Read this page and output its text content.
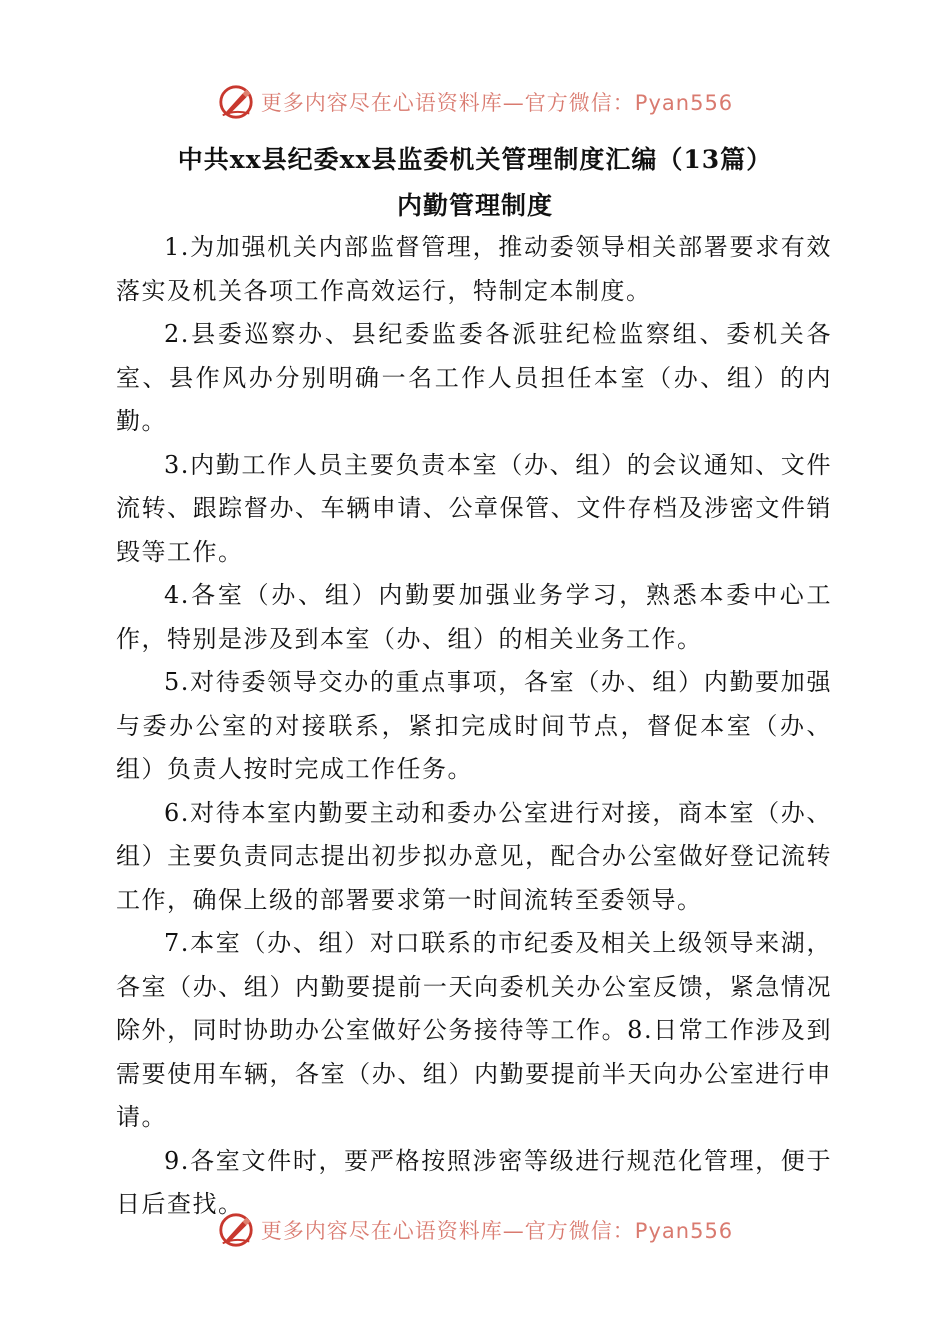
更多内容尽在心语资料库—官方微信：Pyan556
中共xx县纪委xx县监委机关管理制度汇编（13篇）
内勤管理制度

1.为加强机关内部监督管理，推动委领导相关部署要求有效落实及机关各项工作高效运行，特制定本制度。

2.县委巡察办、县纪委监委各派驻纪检监察组、委机关各室、县作风办分别明确一名工作人员担任本室（办、组）的内勤。

3.内勤工作人员主要负责本室（办、组）的会议通知、文件流转、跟踪督办、车辆申请、公章保管、文件存档及涉密文件销毁等工作。

4.各室（办、组）内勤要加强业务学习，熟悉本委中心工作，特别是涉及到本室（办、组）的相关业务工作。

5.对待委领导交办的重点事项，各室（办、组）内勤要加强与委办公室的对接联系，紧扣完成时间节点，督促本室（办、组）负责人按时完成工作任务。

6.对待本室内勤要主动和委办公室进行对接，商本室（办、组）主要负责同志提出初步拟办意见，配合办公室做好登记流转工作，确保上级的部署要求第一时间流转至委领导。

7.本室（办、组）对口联系的市纪委及相关上级领导来湖，各室（办、组）内勤要提前一天向委机关办公室反馈，紧急情况除外，同时协助办公室做好公务接待等工作。8.日常工作涉及到需要使用车辆，各室（办、组）内勤要提前半天向办公室进行申请。

9.各室文件时，要严格按照涉密等级进行规范化管理，便于日后查找。

更多内容尽在心语资料库—官方微信：Pyan556
